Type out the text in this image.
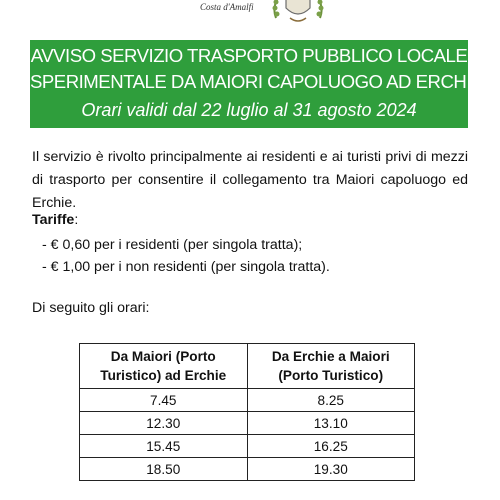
Costa d'Amalfi
AVVISO SERVIZIO TRASPORTO PUBBLICO LOCALE
SPERIMENTALE DA MAIORI CAPOLUOGO AD ERCHIE
Orari validi dal 22 luglio al 31 agosto 2024
Il servizio è rivolto principalmente ai residenti e ai turisti privi di mezzi di trasporto per consentire il collegamento tra Maiori capoluogo ed Erchie.
Tariffe:
- € 0,60 per i residenti (per singola tratta);
- € 1,00 per i non residenti (per singola tratta).
Di seguito gli orari:
Da Maiori (Porto Turistico) ad Erchie	Da Erchie a Maiori (Porto Turistico)
7.45	8.25
12.30	13.10
15.45	16.25
18.50	19.30
